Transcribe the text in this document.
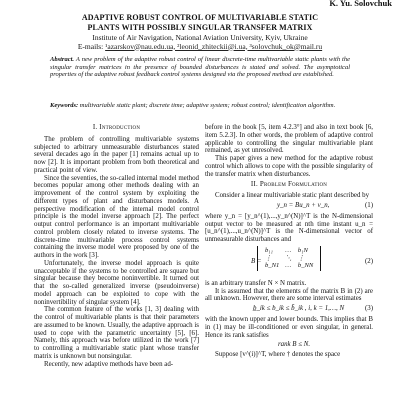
K. Yu. Solovchuk
ADAPTIVE ROBUST CONTROL OF MULTIVARIABLE STATIC
PLANTS WITH POSSIBLY SINGULAR TRANSFER MATRIX
Institute of Air Navigation, National Aviation University, Kyiv, Ukraine
E-mails: ¹azarskov@nau.edu.ua, ²leonid_zhiteckii@i.ua, ³solovchuk_ok@mail.ru
Abstract. A new problem of the adaptive robust control of linear discrete-time multivariable static plants with the singular transfer matrices in the presence of bounded disturbances is stated and solved. The asymptotical properties of the adaptive robust feedback control systems designed via the proposed method are established.
Keywords: multivariable static plant; discrete time; adaptive system; robust control; identification algorithm.
I. Introduction

The problem of controlling multivariable systems subjected to arbitrary unmeasurable disturbances stated several decades ago in the paper [1] remains actual up to now [2]. It is important problem from both theoretical and practical point of view.

Since the seventies, the so-called internal model method becomes popular among other methods dealing with an improvement of the control system by exploiting the different types of plant and disturbances models. A perspective modification of the internal model control principle is the model inverse approach [2]. The perfect output control performance is an important multivariable control problem closely related to inverse systems. The discrete-time multivariable process control systems containing the inverse model were proposed by one of the authors in the work [3].

Unfortunately, the inverse model approach is quite unacceptable if the systems to be controlled are square but singular because they become noninvertible. It turned out that the so-called generalized inverse (pseudoinverse) model approach can be exploited to cope with the noninvertibility of singular system [4].

The common feature of the works [1, 3] dealing with the control of multivariable plants is that their parameters are assumed to be known. Usually, the adaptive approach is used to cope with the parametric uncertainty [5], [6]. Namely, this approach was before utilized in the work [7] to controlling a multivariable static plant whose transfer matrix is unknown but nonsingular.

Recently, new adaptive methods have been ad-

before in the book [5, item 4.2.3°] and also in text book [6, item 5.2.3]. In other words, the problem of adaptive control applicable to controlling the singular multivariable plant remained, as yet unresolved.

This paper gives a new method for the adaptive robust control which allows to cope with the possible singularity of the transfer matrix when disturbances.

II. Problem Formulation

Consider a linear multivariable static plant described by

y_n = Bu_n + v_n,	(1)

where y_n = [y_n^(1),...,y_n^(N)]^T is the N-dimensional output vector to be measured at nth time instant u_n = [u_n^(1),...,u_n^(N)]^T is the N-dimensional vector of unmeasurable disturbances and

B =
b₁₁	…	b₁N
⋮	⋱	⋮
b_N1	…	b_NN
(2)

is an arbitrary transfer N × N matrix.

It is assumed that the elements of the matrix B in (2) are all unknown. However, there are some interval estimates

b̲_ik ≤ b_ik ≤ b̄_ik , i, k = 1,…, N	(3)

with the known upper and lower bounds. This implies that B in (1) may be ill-conditioned or even singular, in general. Hence its rank satisfies

rank B ≤ N.

Suppose [v^(i)]^T, where † denotes the space
